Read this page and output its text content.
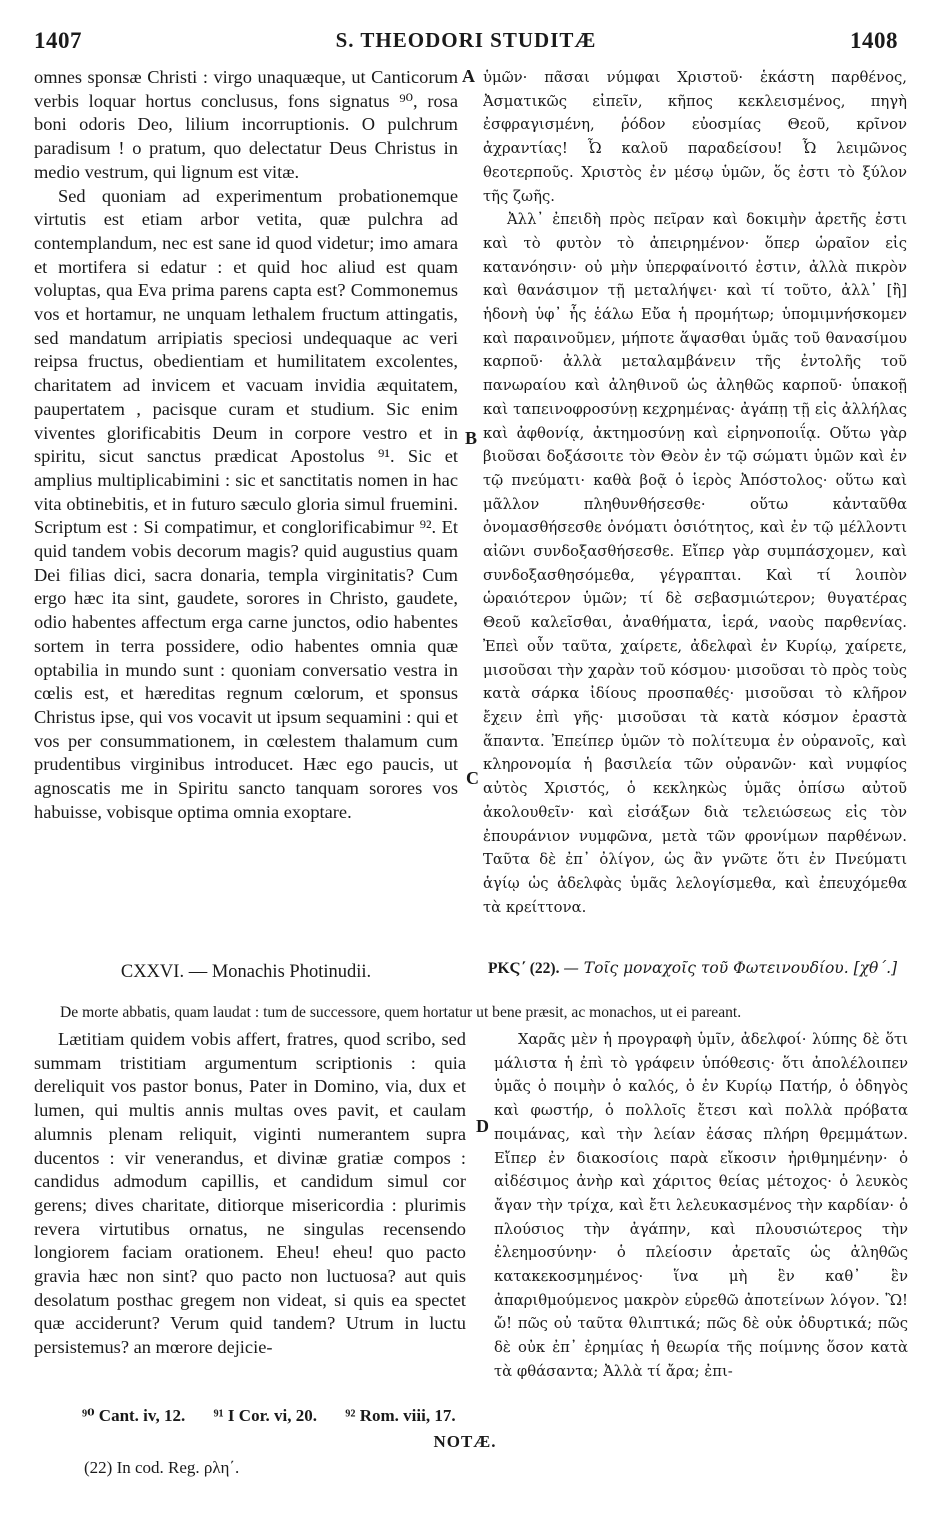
1407	S. THEODORI STUDITÆ	1408

omnes sponsæ Christi : virgo unaquæque, ut Canticorum verbis loquar hortus conclusus, fons signatus ⁹⁰, rosa boni odoris Deo, lilium incorruptionis. O pulchrum paradisum ! o pratum, quo delectatur Deus Christus in medio vestrum, qui lignum est vitæ.

Sed quoniam ad experimentum probationemque virtutis est etiam arbor vetita, quæ pulchra ad contemplandum, nec est sane id quod videtur; imo amara et mortifera si edatur : et quid hoc aliud est quam voluptas, qua Eva prima parens capta est? Commonemus vos et hortamur, ne unquam lethalem fructum attingatis, sed mandatum arripiatis speciosi undequaque ac veri reipsa fructus, obedientiam et humilitatem excolentes, charitatem ad invicem et vacuam invidia æquitatem, paupertatem , pacisque curam et studium. Sic enim viventes glorificabitis Deum in corpore vestro et in spiritu, sicut sanctus prædicat Apostolus ⁹¹. Sic et amplius multiplicabimini : sic et sanctitatis nomen in hac vita obtinebitis, et in futuro sæculo gloria simul fruemini. Scriptum est : Si compatimur, et conglorificabimur ⁹². Et quid tandem vobis decorum magis? quid augustius quam Dei filias dici, sacra donaria, templa virginitatis? Cum ergo hæc ita sint, gaudete, sorores in Christo, gaudete, odio habentes affectum erga carne junctos, odio habentes sortem in terra possidere, odio habentes omnia quæ optabilia in mundo sunt : quoniam conversatio vestra in cœlis est, et hæreditas regnum cœlorum, et sponsus Christus ipse, qui vos vocavit ut ipsum sequamini : qui et vos per consummationem, in cœlestem thalamum cum prudentibus virginibus introducet. Hæc ego paucis, ut agnoscatis me in Spiritu sancto tanquam sorores vos habuisse, vobisque optima omnia exoptare.

ὑμῶν· πᾶσαι νύμφαι Χριστοῦ· ἑκάστη παρθένος, Ἀσματικῶς εἰπεῖν, κῆπος κεκλεισμένος, πηγὴ ἐσφραγισμένη, ῥόδον εὐοσμίας Θεοῦ, κρῖνον ἀχραντίας! Ὦ καλοῦ παραδείσου! Ὦ λειμῶνος θεοτερποῦς. Χριστὸς ἐν μέσῳ ὑμῶν, ὅς ἐστι τὸ ξύλον τῆς ζωῆς.

Ἀλλ᾽ ἐπειδὴ πρὸς πεῖραν καὶ δοκιμὴν ἀρετῆς ἐστι καὶ τὸ φυτὸν τὸ ἀπειρημένον· ὅπερ ὡραῖον εἰς κατανόησιν· οὐ μὴν ὑπερφαίνοιτό ἐστιν, ἀλλὰ πικρὸν καὶ θανάσιμον τῇ μεταλήψει· καὶ τί τοῦτο, ἀλλ᾽ [ἢ] ἡδονὴ ὑφ᾽ ἧς ἑάλω Εὔα ἡ προμήτωρ; ὑπομιμνήσκομεν καὶ παραινοῦμεν, μήποτε ἅψασθαι ὑμᾶς τοῦ θανασίμου καρποῦ· ἀλλὰ μεταλαμβάνειν τῆς ἐντολῆς τοῦ πανωραίου καὶ ἀληθινοῦ ὡς ἀληθῶς καρποῦ· ὑπακοῇ καὶ ταπεινοφροσύνῃ κεχρημένας· ἀγάπῃ τῇ εἰς ἀλλήλας καὶ ἀφθονίᾳ, ἀκτημοσύνῃ καὶ εἰρηνοποιΐᾳ. Οὕτω γὰρ βιοῦσαι δοξάσοιτε τὸν Θεὸν ἐν τῷ σώματι ὑμῶν καὶ ἐν τῷ πνεύματι· καθὰ βοᾷ ὁ ἱερὸς Ἀπόστολος· οὕτω καὶ μᾶλλον πληθυνθήσεσθε· οὕτω κἀνταῦθα ὀνομασθήσεσθε ὀνόματι ὁσιότητος, καὶ ἐν τῷ μέλλοντι αἰῶνι συνδοξασθήσεσθε. Εἴπερ γὰρ συμπάσχομεν, καὶ συνδοξασθησόμεθα, γέγραπται. Καὶ τί λοιπὸν ὡραιότερον ὑμῶν; τί δὲ σεβασμιώτερον; θυγατέρας Θεοῦ καλεῖσθαι, ἀναθήματα, ἱερά, ναοὺς παρθενίας. Ἐπεὶ οὖν ταῦτα, χαίρετε, ἀδελφαὶ ἐν Κυρίῳ, χαίρετε, μισοῦσαι τὴν χαρὰν τοῦ κόσμου· μισοῦσαι τὸ πρὸς τοὺς κατὰ σάρκα ἰδίους προσπαθές· μισοῦσαι τὸ κλῆρον ἔχειν ἐπὶ γῆς· μισοῦσαι τὰ κατὰ κόσμον ἐραστὰ ἅπαντα. Ἐπείπερ ὑμῶν τὸ πολίτευμα ἐν οὐρανοῖς, καὶ κληρονομία ἡ βασιλεία τῶν οὐρανῶν· καὶ νυμφίος αὐτὸς Χριστός, ὁ κεκληκὼς ὑμᾶς ὀπίσω αὐτοῦ ἀκολουθεῖν· καὶ εἰσάξων διὰ τελειώσεως εἰς τὸν ἐπουράνιον νυμφῶνα, μετὰ τῶν φρονίμων παρθένων. Ταῦτα δὲ ἐπ᾽ ὀλίγον, ὡς ἂν γνῶτε ὅτι ἐν Πνεύματι ἁγίῳ ὡς ἀδελφὰς ὑμᾶς λελογίσμεθα, καὶ ἐπευχόμεθα τὰ κρείττονα.

A
B
C
D
CXXVI. — Monachis Photinudii.	ΡΚϚ΄ (22). — Τοῖς μοναχοῖς τοῦ Φωτεινουδίου. [χθ΄.]
De morte abbatis, quam laudat : tum de successore, quem hortatur ut bene præsit, ac monachos, ut ei pareant.

Lætitiam quidem vobis affert, fratres, quod scribo, sed summam tristitiam argumentum scriptionis : quia dereliquit vos pastor bonus, Pater in Domino, via, dux et lumen, qui multis annis multas oves pavit, et caulam alumnis plenam reliquit, viginti numerantem supra ducentos : vir venerandus, et divinæ gratiæ compos : candidus admodum capillis, et candidum simul cor gerens; dives charitate, ditiorque misericordia : plurimis revera virtutibus ornatus, ne singulas recensendo longiorem faciam orationem. Eheu! eheu! quo pacto gravia hæc non sint? quo pacto non luctuosa? aut quis desolatum posthac gregem non videat, si quis ea spectet quæ acciderunt? Verum quid tandem? Utrum in luctu persistemus? an mœrore dejicie-

Χαρᾶς μὲν ἡ προγραφὴ ὑμῖν, ἀδελφοί· λύπης δὲ ὅτι μάλιστα ἡ ἐπὶ τὸ γράφειν ὑπόθεσις· ὅτι ἀπολέλοιπεν ὑμᾶς ὁ ποιμὴν ὁ καλός, ὁ ἐν Κυρίῳ Πατήρ, ὁ ὁδηγὸς καὶ φωστήρ, ὁ πολλοῖς ἔτεσι καὶ πολλὰ πρόβατα ποιμάνας, καὶ τὴν λείαν ἐάσας πλήρη θρεμμάτων. Εἴπερ ἐν διακοσίοις παρὰ εἴκοσιν ἠριθμημένην· ὁ αἰδέσιμος ἀνὴρ καὶ χάριτος θείας μέτοχος· ὁ λευκὸς ἄγαν τὴν τρίχα, καὶ ἔτι λελευκασμένος τὴν καρδίαν· ὁ πλούσιος τὴν ἀγάπην, καὶ πλουσιώτερος τὴν ἐλεημοσύνην· ὁ πλείοσιν ἀρεταῖς ὡς ἀληθῶς κατακεκοσμημένος· ἵνα μὴ ἓν καθ᾽ ἓν ἀπαριθμούμενος μακρὸν εὑρεθῶ ἀποτείνων λόγον. Ὢ! ὤ! πῶς οὐ ταῦτα θλιπτικά; πῶς δὲ οὐκ ὀδυρτικά; πῶς δὲ οὐκ ἐπ᾽ ἐρημίας ἡ θεωρία τῆς ποίμνης ὅσον κατὰ τὰ φθάσαντα; Ἀλλὰ τί ἄρα; ἐπι-

⁹⁰ Cant. iv, 12. ⁹¹ I Cor. vi, 20. ⁹² Rom. viii, 17.
NOTÆ.
(22) In cod. Reg. ρλη΄.
